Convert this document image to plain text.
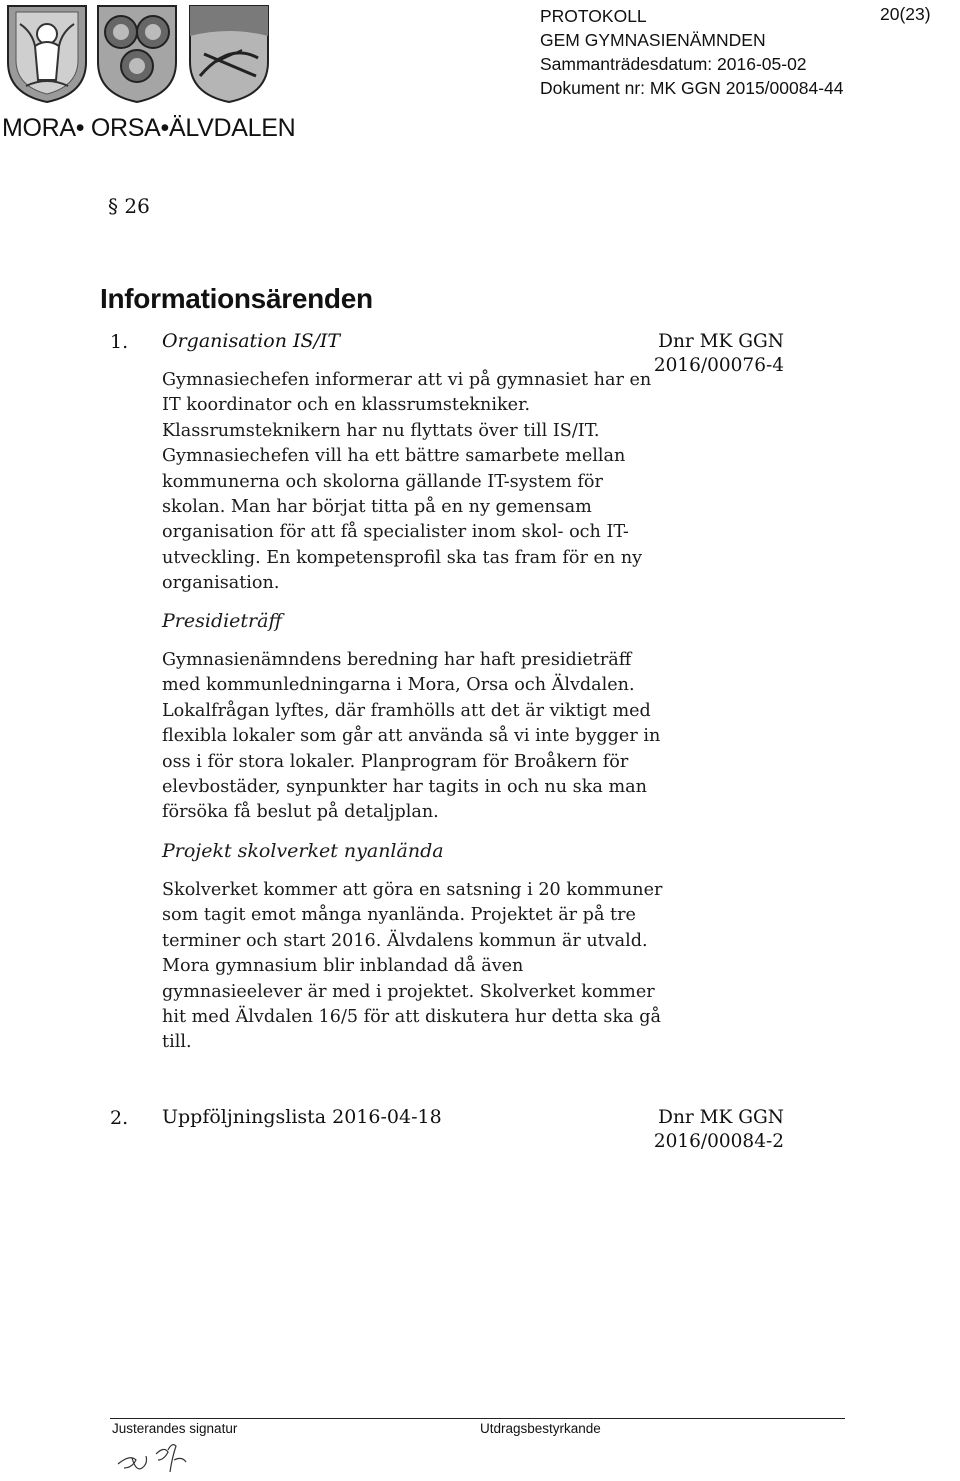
MORA• ORSA•ÄLVDALEN
PROTOKOLL
GEM GYMNASIENÄMNDEN
Sammanträdesdatum: 2016-05-02
Dokument nr: MK GGN 2015/00084-44
20(23)
§ 26
Informationsärenden
1. Organisation IS/IT	Dnr MK GGN
2016/00076-4
Gymnasiechefen informerar att vi på gymnasiet har en
IT koordinator och en klassrumstekniker.
Klassrumsteknikern har nu flyttats över till IS/IT.
Gymnasiechefen vill ha ett bättre samarbete mellan
kommunerna och skolorna gällande IT-system för
skolan. Man har börjat titta på en ny gemensam
organisation för att få specialister inom skol- och IT-
utveckling. En kompetensprofil ska tas fram för en ny
organisation.
Presidieträff
Gymnasienämndens beredning har haft presidieträff
med kommunledningarna i Mora, Orsa och Älvdalen.
Lokalfrågan lyftes, där framhölls att det är viktigt med
flexibla lokaler som går att använda så vi inte bygger in
oss i för stora lokaler. Planprogram för Broåkern för
elevbostäder, synpunkter har tagits in och nu ska man
försöka få beslut på detaljplan.
Projekt skolverket nyanlända
Skolverket kommer att göra en satsning i 20 kommuner
som tagit emot många nyanlända. Projektet är på tre
terminer och start 2016. Älvdalens kommun är utvald.
Mora gymnasium blir inblandad då även
gymnasieelever är med i projektet. Skolverket kommer
hit med Älvdalen 16/5 för att diskutera hur detta ska gå
till.
2. Uppföljningslista 2016-04-18	Dnr MK GGN
2016/00084-2
Justerandes signatur	Utdragsbestyrkande
